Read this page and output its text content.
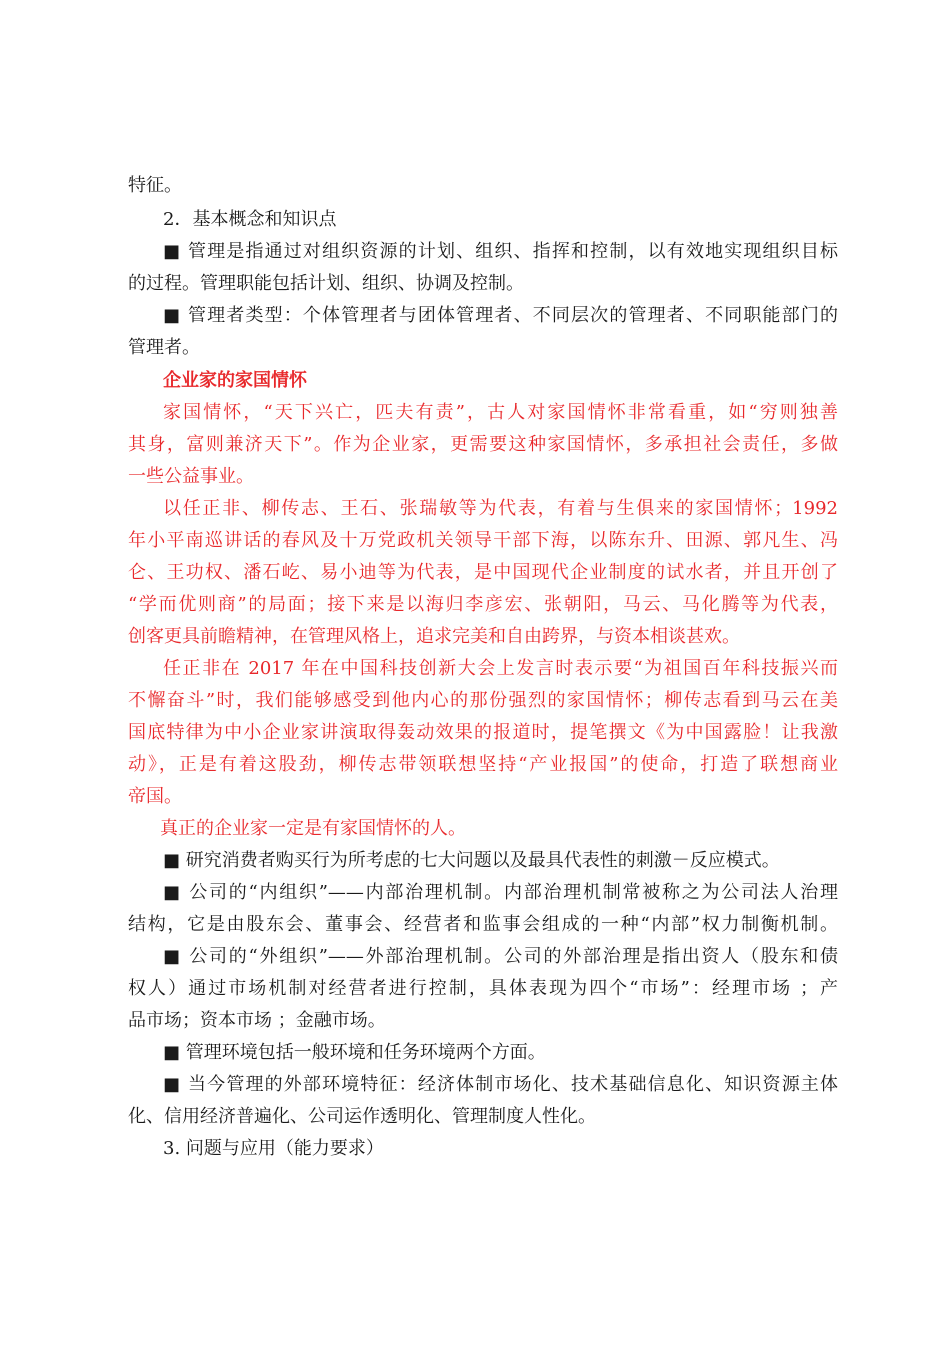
特征。
2．基本概念和知识点
■ 管理是指通过对组织资源的计划、组织、指挥和控制，以有效地实现组织目标
的过程。管理职能包括计划、组织、协调及控制。
■ 管理者类型：个体管理者与团体管理者、不同层次的管理者、不同职能部门的
管理者。
企业家的家国情怀
家国情怀，“天下兴亡，匹夫有责”，古人对家国情怀非常看重，如“穷则独善
其身，富则兼济天下”。作为企业家，更需要这种家国情怀，多承担社会责任，多做
一些公益事业。
以任正非、柳传志、王石、张瑞敏等为代表，有着与生俱来的家国情怀；1992
年小平南巡讲话的春风及十万党政机关领导干部下海，以陈东升、田源、郭凡生、冯
仑、王功权、潘石屹、易小迪等为代表，是中国现代企业制度的试水者，并且开创了
“学而优则商”的局面；接下来是以海归李彦宏、张朝阳，马云、马化腾等为代表，
创客更具前瞻精神，在管理风格上，追求完美和自由跨界，与资本相谈甚欢。
任正非在 2017 年在中国科技创新大会上发言时表示要“为祖国百年科技振兴而
不懈奋斗”时，我们能够感受到他内心的那份强烈的家国情怀；柳传志看到马云在美
国底特律为中小企业家讲演取得轰动效果的报道时，提笔撰文《为中国露脸！让我激
动》，正是有着这股劲，柳传志带领联想坚持“产业报国”的使命，打造了联想商业
帝国。
真正的企业家一定是有家国情怀的人。
■ 研究消费者购买行为所考虑的七大问题以及最具代表性的刺激－反应模式。
■ 公司的“内组织”——内部治理机制。内部治理机制常被称之为公司法人治理
结构，它是由股东会、董事会、经营者和监事会组成的一种“内部”权力制衡机制。
■ 公司的“外组织”——外部治理机制。公司的外部治理是指出资人（股东和债
权人）通过市场机制对经营者进行控制，具体表现为四个“市场”：经理市场 ；产
品市场；资本市场 ；金融市场。
■ 管理环境包括一般环境和任务环境两个方面。
■ 当今管理的外部环境特征：经济体制市场化、技术基础信息化、知识资源主体
化、信用经济普遍化、公司运作透明化、管理制度人性化。
3. 问题与应用（能力要求）
